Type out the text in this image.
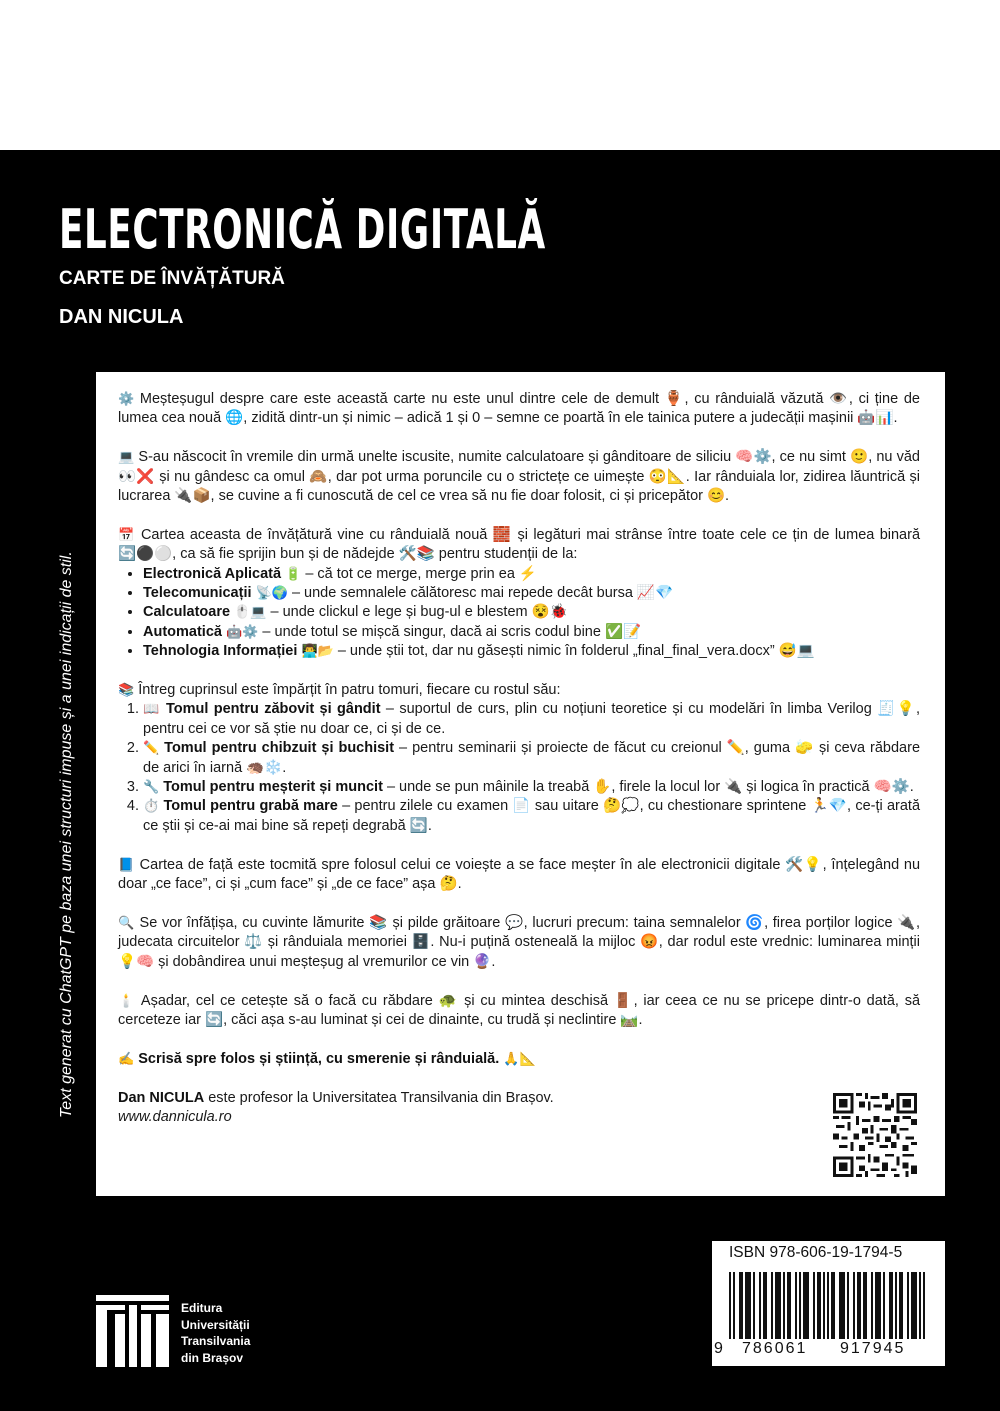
ELECTRONICĂ DIGITALĂ
CARTE DE ÎNVĂȚĂTURĂ
DAN NICULA
Text generat cu ChatGPT pe baza unei structuri impuse și a unei indicații de stil.

⚙️ Meșteșugul despre care este această carte nu este unul dintre cele de demult 🏺, cu rânduială văzută 👁️, ci ține de lumea cea nouă 🌐, zidită dintr-un și nimic – adică 1 și 0 – semne ce poartă în ele tainica putere a judecății mașinii 🤖📊.

💻 S-au născocit în vremile din urmă unelte iscusite, numite calculatoare și gânditoare de siliciu 🧠⚙️, ce nu simt 🙂, nu văd 👀❌ și nu gândesc ca omul 🙈, dar pot urma poruncile cu o strictețe ce uimește 😳📐. Iar rânduiala lor, zidirea lăuntrică și lucrarea 🔌📦, se cuvine a fi cunoscută de cel ce vrea să nu fie doar folosit, ci și pricepător 😊.

📅 Cartea aceasta de învățătură vine cu rânduială nouă 🧱 și legături mai strânse între toate cele ce țin de lumea binară 🔄⚫⚪, ca să fie sprijin bun și de nădejde 🛠️📚 pentru studenții de la:

• Electronică Aplicată 🔋 – că tot ce merge, merge prin ea ⚡
• Telecomunicații 📡🌍 – unde semnalele călătoresc mai repede decât bursa 📈💎
• Calculatoare 🖱️💻 – unde clickul e lege și bug-ul e blestem 😵🐞
• Automatică 🤖⚙️ – unde totul se mișcă singur, dacă ai scris codul bine ✅📝
• Tehnologia Informației 👨‍💻📂 – unde știi tot, dar nu găsești nimic în folderul „final_final_vera.docx” 😅💻

📚 Întreg cuprinsul este împărțit în patru tomuri, fiecare cu rostul său:

1. 📖 Tomul pentru zăbovit și gândit – suportul de curs, plin cu noțiuni teoretice și cu modelări în limba Verilog 🧾💡, pentru cei ce vor să știe nu doar ce, ci și de ce.
2. ✏️ Tomul pentru chibzuit și buchisit – pentru seminarii și proiecte de făcut cu creionul ✏️, guma 🧽 și ceva răbdare de arici în iarnă 🦔❄️.
3. 🔧 Tomul pentru meșterit și muncit – unde se pun mâinile la treabă ✋, firele la locul lor 🔌 și logica în practică 🧠⚙️.
4. ⏱️ Tomul pentru grabă mare – pentru zilele cu examen 📄 sau uitare 🤔💭, cu chestionare sprintene 🏃💎, ce-ți arată ce știi și ce-ai mai bine să repeți degrabă 🔄.

📘 Cartea de față este tocmită spre folosul celui ce voiește a se face meșter în ale electronicii digitale 🛠️💡, înțelegând nu doar „ce face”, ci și „cum face” și „de ce face” așa 🤔.

🔍 Se vor înfățișa, cu cuvinte lămurite 📚 și pilde grăitoare 💬, lucruri precum: taina semnalelor 🌀, firea porților logice 🔌, judecata circuitelor ⚖️ și rânduiala memoriei 🗄️. Nu-i puțină osteneală la mijloc 😡, dar rodul este vrednic: luminarea minții 💡🧠 și dobândirea unui meșteșug al vremurilor ce vin 🔮.

🕯️ Așadar, cel ce cetește să o facă cu răbdare 🐢 și cu mintea deschisă 🚪, iar ceea ce nu se pricepe dintr-o dată, să cerceteze iar 🔄, căci așa s-au luminat și cei de dinainte, cu trudă și neclintire 🛤️.

✍️ Scrisă spre folos și știință, cu smerenie și rânduială. 🙏📐

Dan NICULA este profesor la Universitatea Transilvania din Brașov.

www.dannicula.ro

ISBN 978-606-19-1794-5
9 786061 917945
Editura
Universității
Transilvania
din Brașov
